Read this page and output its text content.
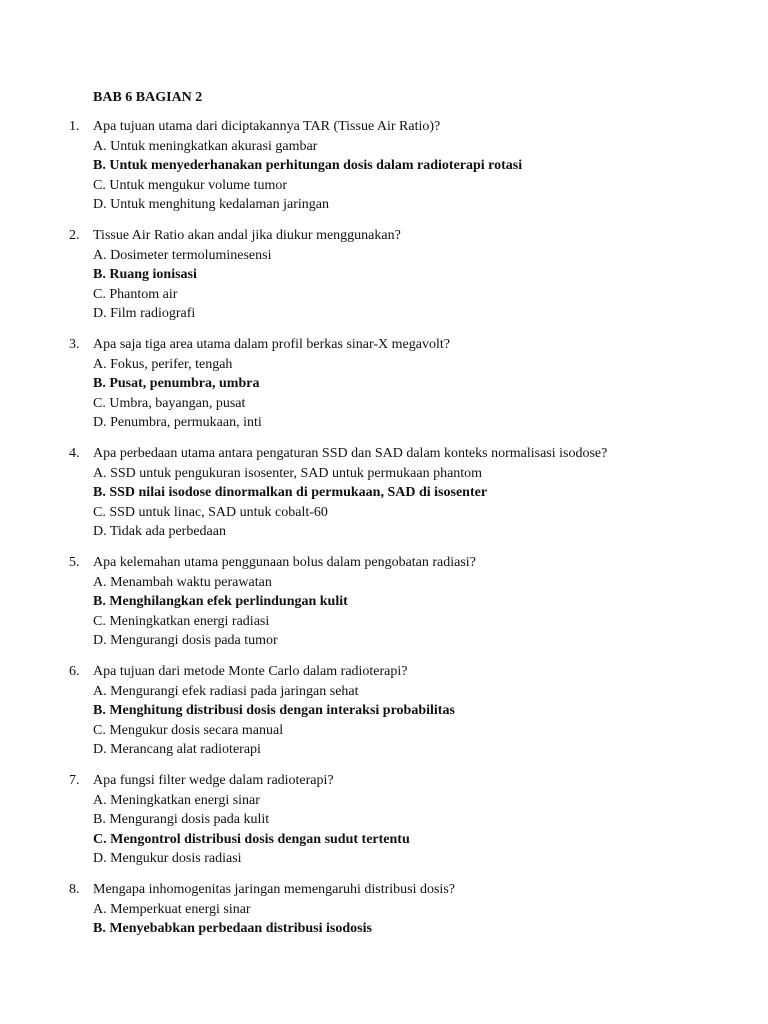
BAB 6 BAGIAN 2
1. Apa tujuan utama dari diciptakannya TAR (Tissue Air Ratio)?
A. Untuk meningkatkan akurasi gambar
B. Untuk menyederhanakan perhitungan dosis dalam radioterapi rotasi
C. Untuk mengukur volume tumor
D. Untuk menghitung kedalaman jaringan
2. Tissue Air Ratio akan andal jika diukur menggunakan?
A. Dosimeter termoluminesensi
B. Ruang ionisasi
C. Phantom air
D. Film radiografi
3. Apa saja tiga area utama dalam profil berkas sinar-X megavolt?
A. Fokus, perifer, tengah
B. Pusat, penumbra, umbra
C. Umbra, bayangan, pusat
D. Penumbra, permukaan, inti
4. Apa perbedaan utama antara pengaturan SSD dan SAD dalam konteks normalisasi isodose?
A. SSD untuk pengukuran isosenter, SAD untuk permukaan phantom
B. SSD nilai isodose dinormalkan di permukaan, SAD di isosenter
C. SSD untuk linac, SAD untuk cobalt-60
D. Tidak ada perbedaan
5. Apa kelemahan utama penggunaan bolus dalam pengobatan radiasi?
A. Menambah waktu perawatan
B. Menghilangkan efek perlindungan kulit
C. Meningkatkan energi radiasi
D. Mengurangi dosis pada tumor
6. Apa tujuan dari metode Monte Carlo dalam radioterapi?
A. Mengurangi efek radiasi pada jaringan sehat
B. Menghitung distribusi dosis dengan interaksi probabilitas
C. Mengukur dosis secara manual
D. Merancang alat radioterapi
7. Apa fungsi filter wedge dalam radioterapi?
A. Meningkatkan energi sinar
B. Mengurangi dosis pada kulit
C. Mengontrol distribusi dosis dengan sudut tertentu
D. Mengukur dosis radiasi
8. Mengapa inhomogenitas jaringan memengaruhi distribusi dosis?
A. Memperkuat energi sinar
B. Menyebabkan perbedaan distribusi isodosis
